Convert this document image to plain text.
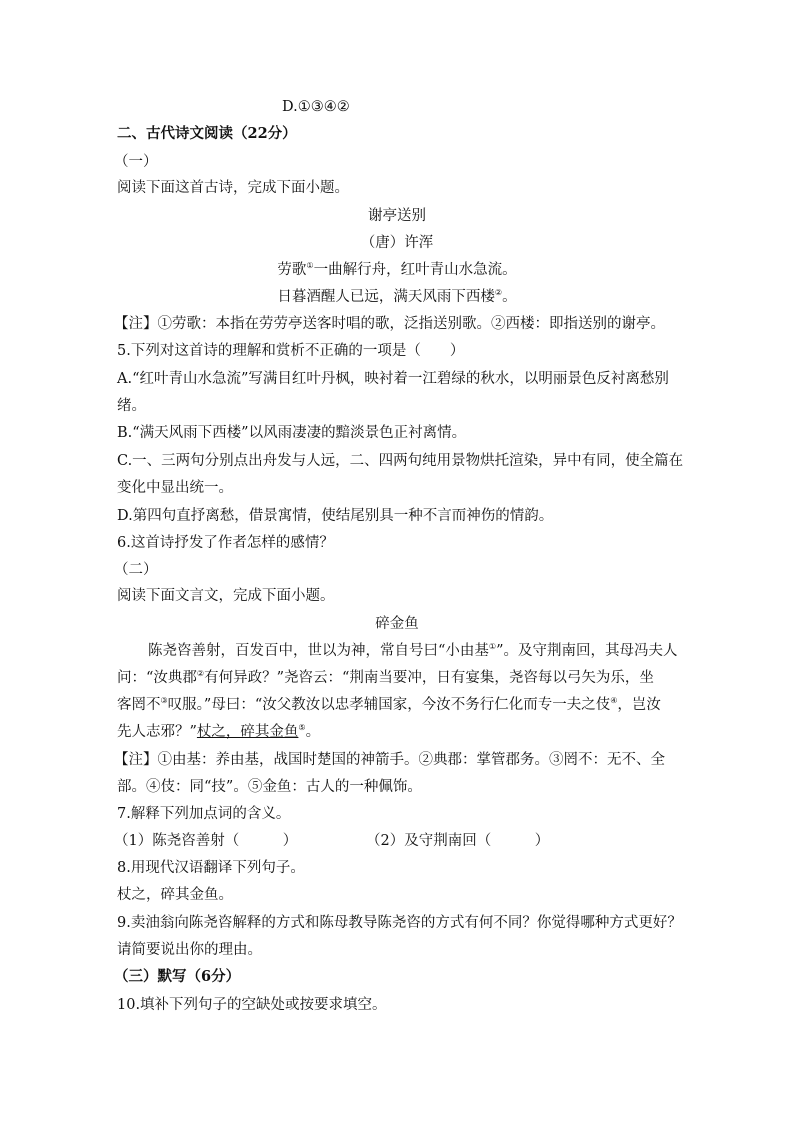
D.①③④②
二、古代诗文阅读（22分）
（一）
阅读下面这首古诗，完成下面小题。
谢亭送别
（唐）许浑
劳歌①一曲解行舟，红叶青山水急流。
日暮酒醒人已远，满天风雨下西楼②。
【注】①劳歌：本指在劳劳亭送客时唱的歌，泛指送别歌。②西楼：即指送别的谢亭。
5.下列对这首诗的理解和赏析不正确的一项是（　　）
A.“红叶青山水急流”写满目红叶丹枫，映衬着一江碧绿的秋水，以明丽景色反衬离愁别
绪。
B.“满天风雨下西楼”以风雨凄凄的黯淡景色正衬离情。
C.一、三两句分别点出舟发与人远，二、四两句纯用景物烘托渲染，异中有同，使全篇在
变化中显出统一。
D.第四句直抒离愁，借景寓情，使结尾别具一种不言而神伤的情韵。
6.这首诗抒发了作者怎样的感情？
（二）
阅读下面文言文，完成下面小题。
碎金鱼
陈尧咨善射，百发百中，世以为神，常自号曰“小由基①”。及守荆南回，其母冯夫人
问：“汝典郡②有何异政？”尧咨云：“荆南当要冲，日有宴集，尧咨每以弓矢为乐，坐
客罔不③叹服。”母曰：“汝父教汝以忠孝辅国家，今汝不务行仁化而专一夫之伎④，岂汝
先人志邪？”杖之，碎其金鱼⑤。
【注】①由基：养由基，战国时楚国的神箭手。②典郡：掌管郡务。③罔不：无不、全
部。④伎：同“技”。⑤金鱼：古人的一种佩饰。
7.解释下列加点词的含义。
（1）陈尧咨善射（　　　）	（2）及守荆南回（　　　）
8.用现代汉语翻译下列句子。
杖之，碎其金鱼。
9.卖油翁向陈尧咨解释的方式和陈母教导陈尧咨的方式有何不同？你觉得哪种方式更好？
请简要说出你的理由。
（三）默写（6分）
10.填补下列句子的空缺处或按要求填空。
